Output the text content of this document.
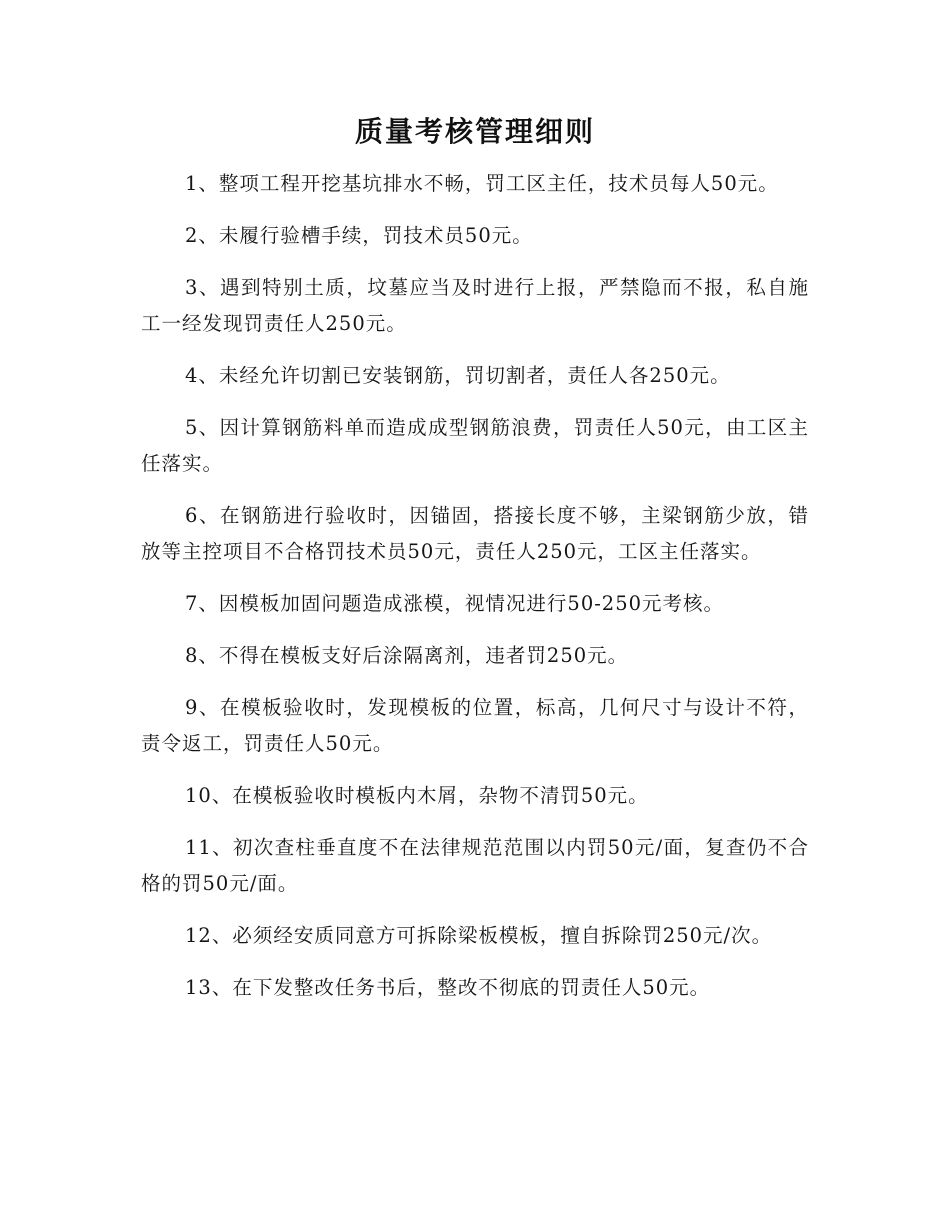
质量考核管理细则

1、整项工程开挖基坑排水不畅，罚工区主任，技术员每人50元。

2、未履行验槽手续，罚技术员50元。

3、遇到特别土质，坟墓应当及时进行上报，严禁隐而不报，私自施工一经发现罚责任人250元。

4、未经允许切割已安装钢筋，罚切割者，责任人各250元。

5、因计算钢筋料单而造成成型钢筋浪费，罚责任人50元，由工区主任落实。

6、在钢筋进行验收时，因锚固，搭接长度不够，主梁钢筋少放，错放等主控项目不合格罚技术员50元，责任人250元，工区主任落实。

7、因模板加固问题造成涨模，视情况进行50-250元考核。

8、不得在模板支好后涂隔离剂，违者罚250元。

9、在模板验收时，发现模板的位置，标高，几何尺寸与设计不符，责令返工，罚责任人50元。

10、在模板验收时模板内木屑，杂物不清罚50元。

11、初次查柱垂直度不在法律规范范围以内罚50元/面，复查仍不合格的罚50元/面。

12、必须经安质同意方可拆除梁板模板，擅自拆除罚250元/次。

13、在下发整改任务书后，整改不彻底的罚责任人50元。
